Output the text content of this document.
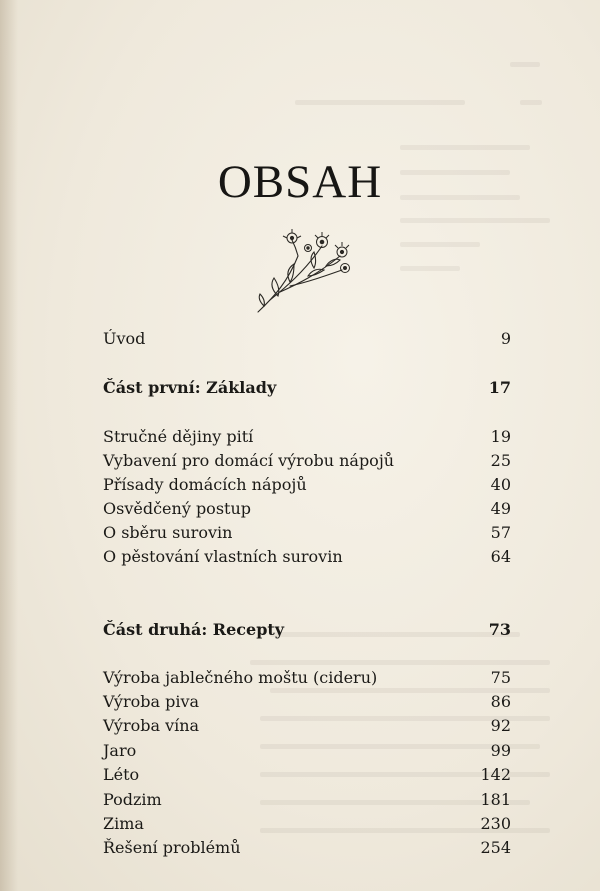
OBSAH
Úvod	9
Část první: Základy	17
Stručné dějiny pití	19
Vybavení pro domácí výrobu nápojů	25
Přísady domácích nápojů	40
Osvědčený postup	49
O sběru surovin	57
O pěstování vlastních surovin	64
Část druhá: Recepty	73
Výroba jablečného moštu (cideru)	75
Výroba piva	86
Výroba vína	92
Jaro	99
Léto	142
Podzim	181
Zima	230
Řešení problémů	254
